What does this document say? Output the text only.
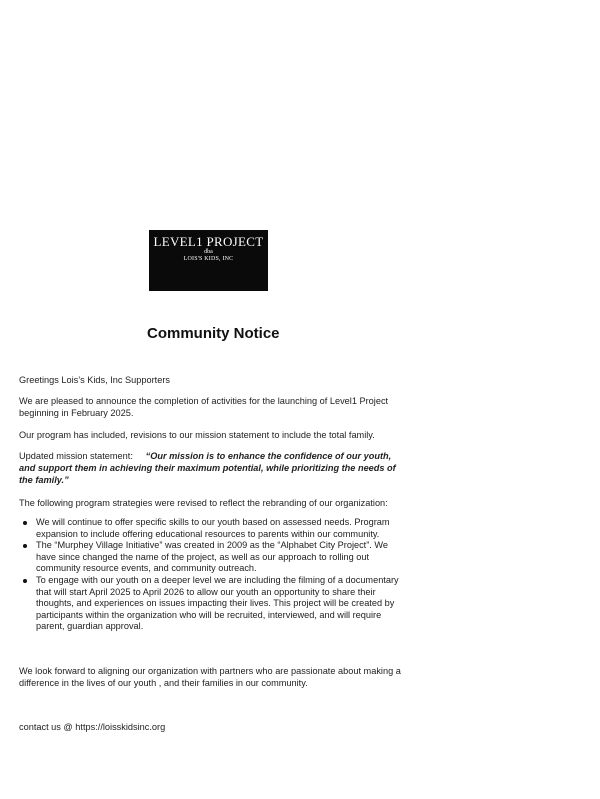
LEVEL1 PROJECT
dba
LOIS'S KIDS, INC
Community Notice
Greetings Lois’s Kids, Inc Supporters
We are pleased to announce the completion of activities for the launching of Level1 Project beginning in February 2025.
Our program has included, revisions to our mission statement to include the total family.
Updated mission statement: “Our mission is to enhance the confidence of our youth, and support them in achieving their maximum potential, while prioritizing the needs of the family.”
The following program strategies were revised to reflect the rebranding of our organization:
We will continue to offer specific skills to our youth based on assessed needs. Program expansion to include offering educational resources to parents within our community.
The “Murphey Village Initiative” was created in 2009 as the “Alphabet City Project”. We have since changed the name of the project, as well as our approach to rolling out community resource events, and community outreach.
To engage with our youth on a deeper level we are including the filming of a documentary that will start April 2025 to April 2026 to allow our youth an opportunity to share their thoughts, and experiences on issues impacting their lives. This project will be created by participants within the organization who will be recruited, interviewed, and will require parent, guardian approval.
We look forward to aligning our organization with partners who are passionate about making a difference in the lives of our youth , and their families in our community.
contact us @ https://loisskidsinc.org
